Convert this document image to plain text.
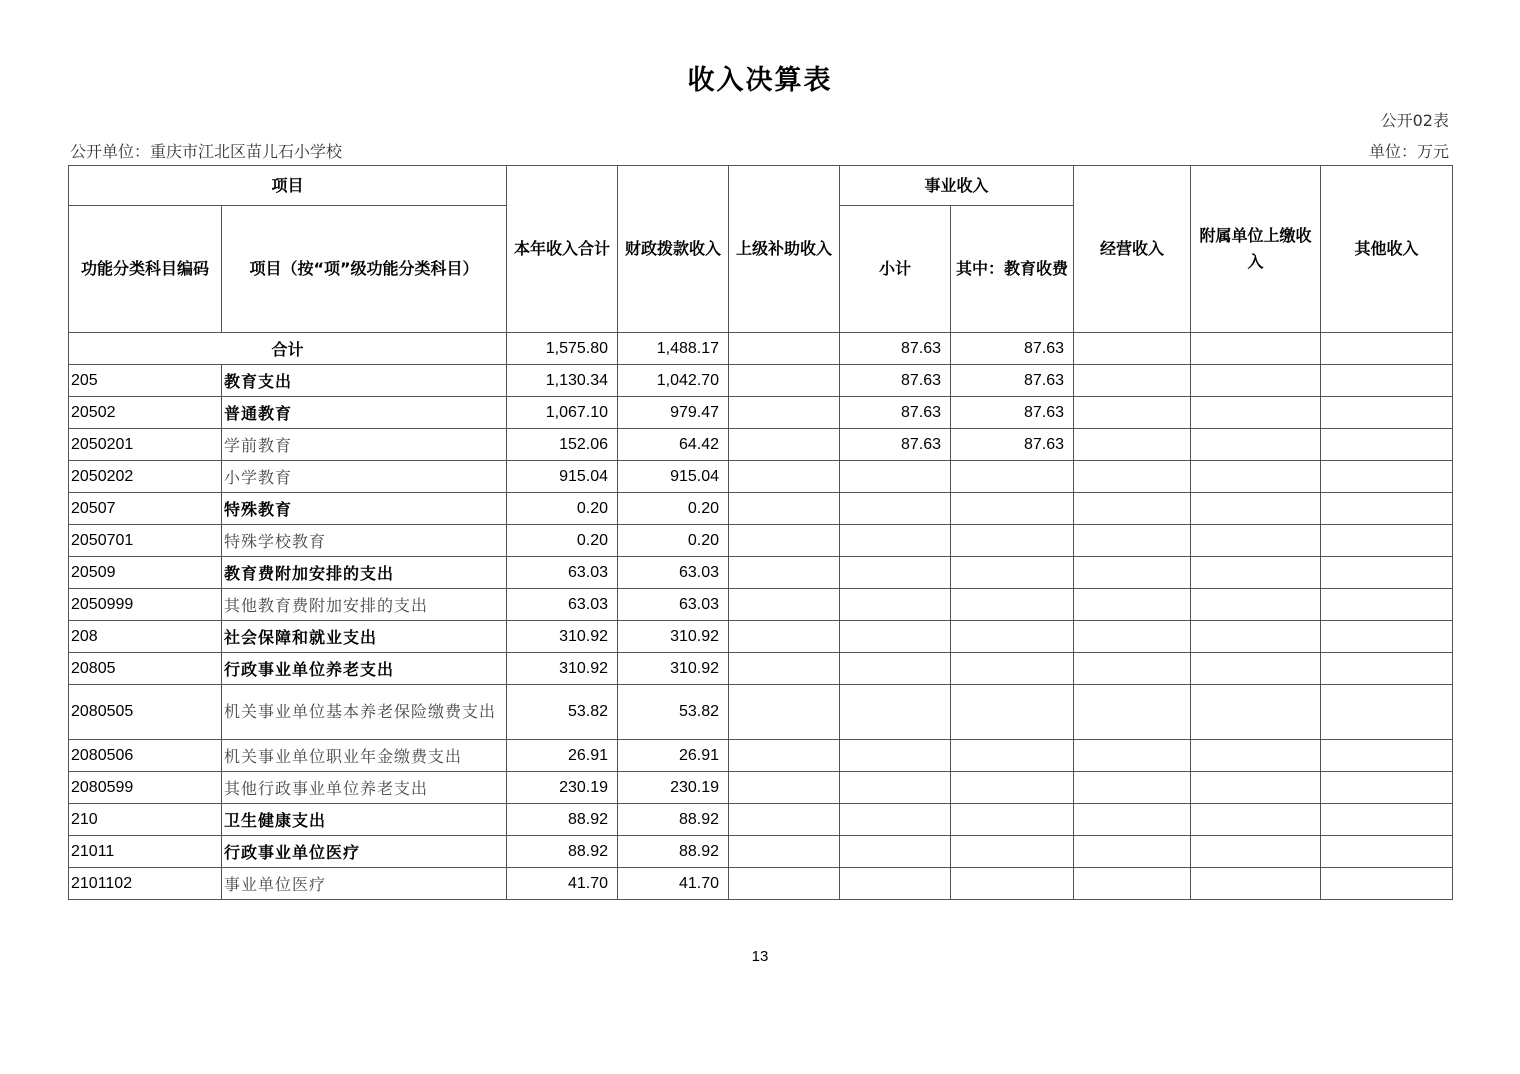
收入决算表
公开02表
公开单位：重庆市江北区苗儿石小学校	单位：万元
项目		本年收入合计	财政拨款收入	上级补助收入	事业收入		经营收入	附属单位上缴收入	其他收入
功能分类科目编码	项目（按“项”级功能分类科目）				小计	其中：教育收费			
合计		1,575.80	1,488.17		87.63	87.63			
205	教育支出	1,130.34	1,042.70		87.63	87.63			
20502	普通教育	1,067.10	979.47		87.63	87.63			
2050201	学前教育	152.06	64.42		87.63	87.63			
2050202	小学教育	915.04	915.04						
20507	特殊教育	0.20	0.20						
2050701	特殊学校教育	0.20	0.20						
20509	教育费附加安排的支出	63.03	63.03						
2050999	其他教育费附加安排的支出	63.03	63.03						
208	社会保障和就业支出	310.92	310.92						
20805	行政事业单位养老支出	310.92	310.92						
2080505	机关事业单位基本养老保险缴费支出	53.82	53.82						
2080506	机关事业单位职业年金缴费支出	26.91	26.91						
2080599	其他行政事业单位养老支出	230.19	230.19						
210	卫生健康支出	88.92	88.92						
21011	行政事业单位医疗	88.92	88.92						
2101102	事业单位医疗	41.70	41.70						
13
